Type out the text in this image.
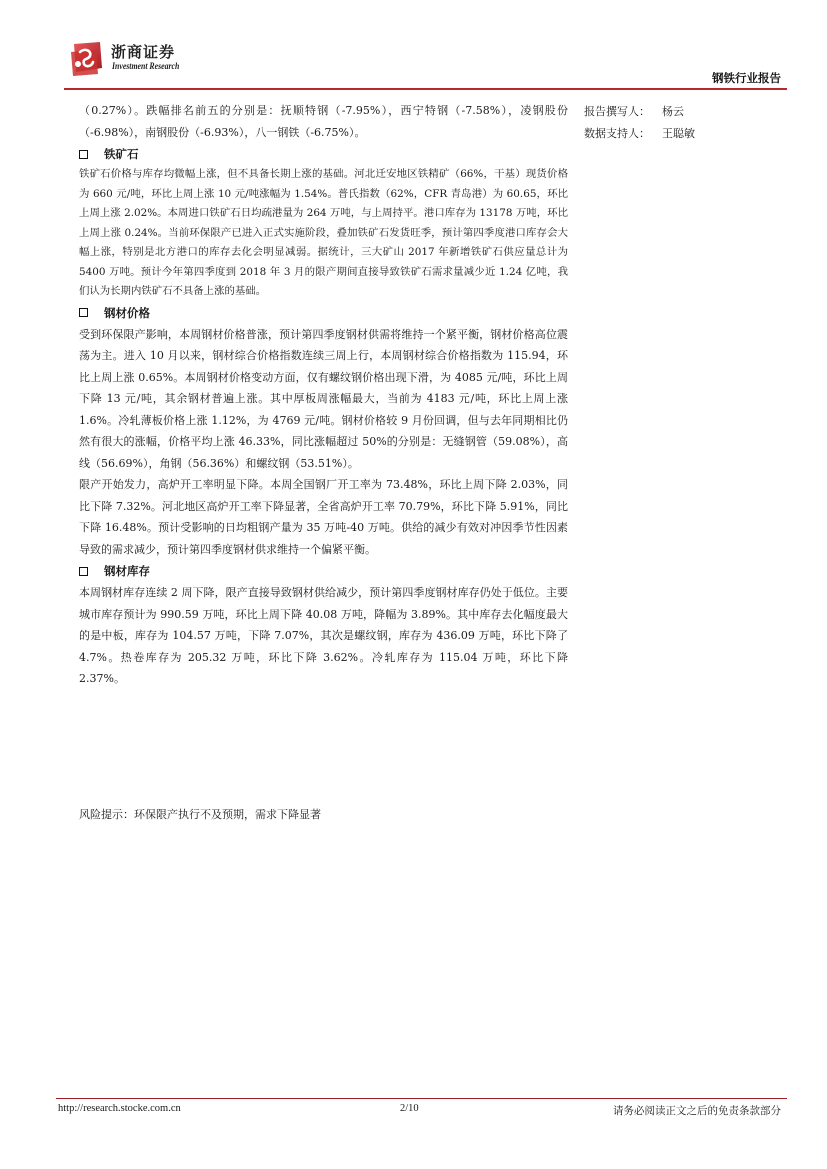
浙商证券
Investment Research
钢铁行业报告
报告撰写人：	杨云
数据支持人：	王聪敏

（0.27%）。跌幅排名前五的分别是：抚顺特钢（-7.95%），西宁特钢（-7.58%），凌钢股份（-6.98%），南钢股份（-6.93%），八一钢铁（-6.75%）。

铁矿石

铁矿石价格与库存均微幅上涨，但不具备长期上涨的基础。河北迁安地区铁精矿（66%，干基）现货价格为 660 元/吨，环比上周上涨 10 元/吨涨幅为 1.54%。普氏指数（62%，CFR 青岛港）为 60.65，环比上周上涨 2.02%。本周进口铁矿石日均疏港量为 264 万吨，与上周持平。港口库存为 13178 万吨，环比上周上涨 0.24%。当前环保限产已进入正式实施阶段，叠加铁矿石发货旺季，预计第四季度港口库存会大幅上涨，特别是北方港口的库存去化会明显减弱。据统计，三大矿山 2017 年新增铁矿石供应量总计为 5400 万吨。预计今年第四季度到 2018 年 3 月的限产期间直接导致铁矿石需求量减少近 1.24 亿吨，我们认为长期内铁矿石不具备上涨的基础。

钢材价格

受到环保限产影响，本周钢材价格普涨，预计第四季度钢材供需将维持一个紧平衡，钢材价格高位震荡为主。进入 10 月以来，钢材综合价格指数连续三周上行，本周钢材综合价格指数为 115.94，环比上周上涨 0.65%。本周钢材价格变动方面，仅有螺纹钢价格出现下滑，为 4085 元/吨，环比上周下降 13 元/吨，其余钢材普遍上涨。其中厚板周涨幅最大，当前为 4183 元/吨，环比上周上涨 1.6%。冷轧薄板价格上涨 1.12%，为 4769 元/吨。钢材价格较 9 月份回调，但与去年同期相比仍然有很大的涨幅，价格平均上涨 46.33%，同比涨幅超过 50%的分别是：无缝钢管（59.08%），高线（56.69%），角钢（56.36%）和螺纹钢（53.51%）。

限产开始发力，高炉开工率明显下降。本周全国钢厂开工率为 73.48%，环比上周下降 2.03%，同比下降 7.32%。河北地区高炉开工率下降显著，全省高炉开工率 70.79%，环比下降 5.91%，同比下降 16.48%。预计受影响的日均粗钢产量为 35 万吨-40 万吨。供给的减少有效对冲因季节性因素导致的需求减少，预计第四季度钢材供求维持一个偏紧平衡。

钢材库存

本周钢材库存连续 2 周下降，限产直接导致钢材供给减少，预计第四季度钢材库存仍处于低位。主要城市库存预计为 990.59 万吨，环比上周下降 40.08 万吨，降幅为 3.89%。其中库存去化幅度最大的是中板，库存为 104.57 万吨，下降 7.07%，其次是螺纹钢，库存为 436.09 万吨，环比下降了 4.7%。热卷库存为 205.32 万吨，环比下降 3.62%。冷轧库存为 115.04 万吨，环比下降 2.37%。

风险提示：环保限产执行不及预期，需求下降显著
http://research.stocke.com.cn	2/10	请务必阅读正文之后的免责条款部分
